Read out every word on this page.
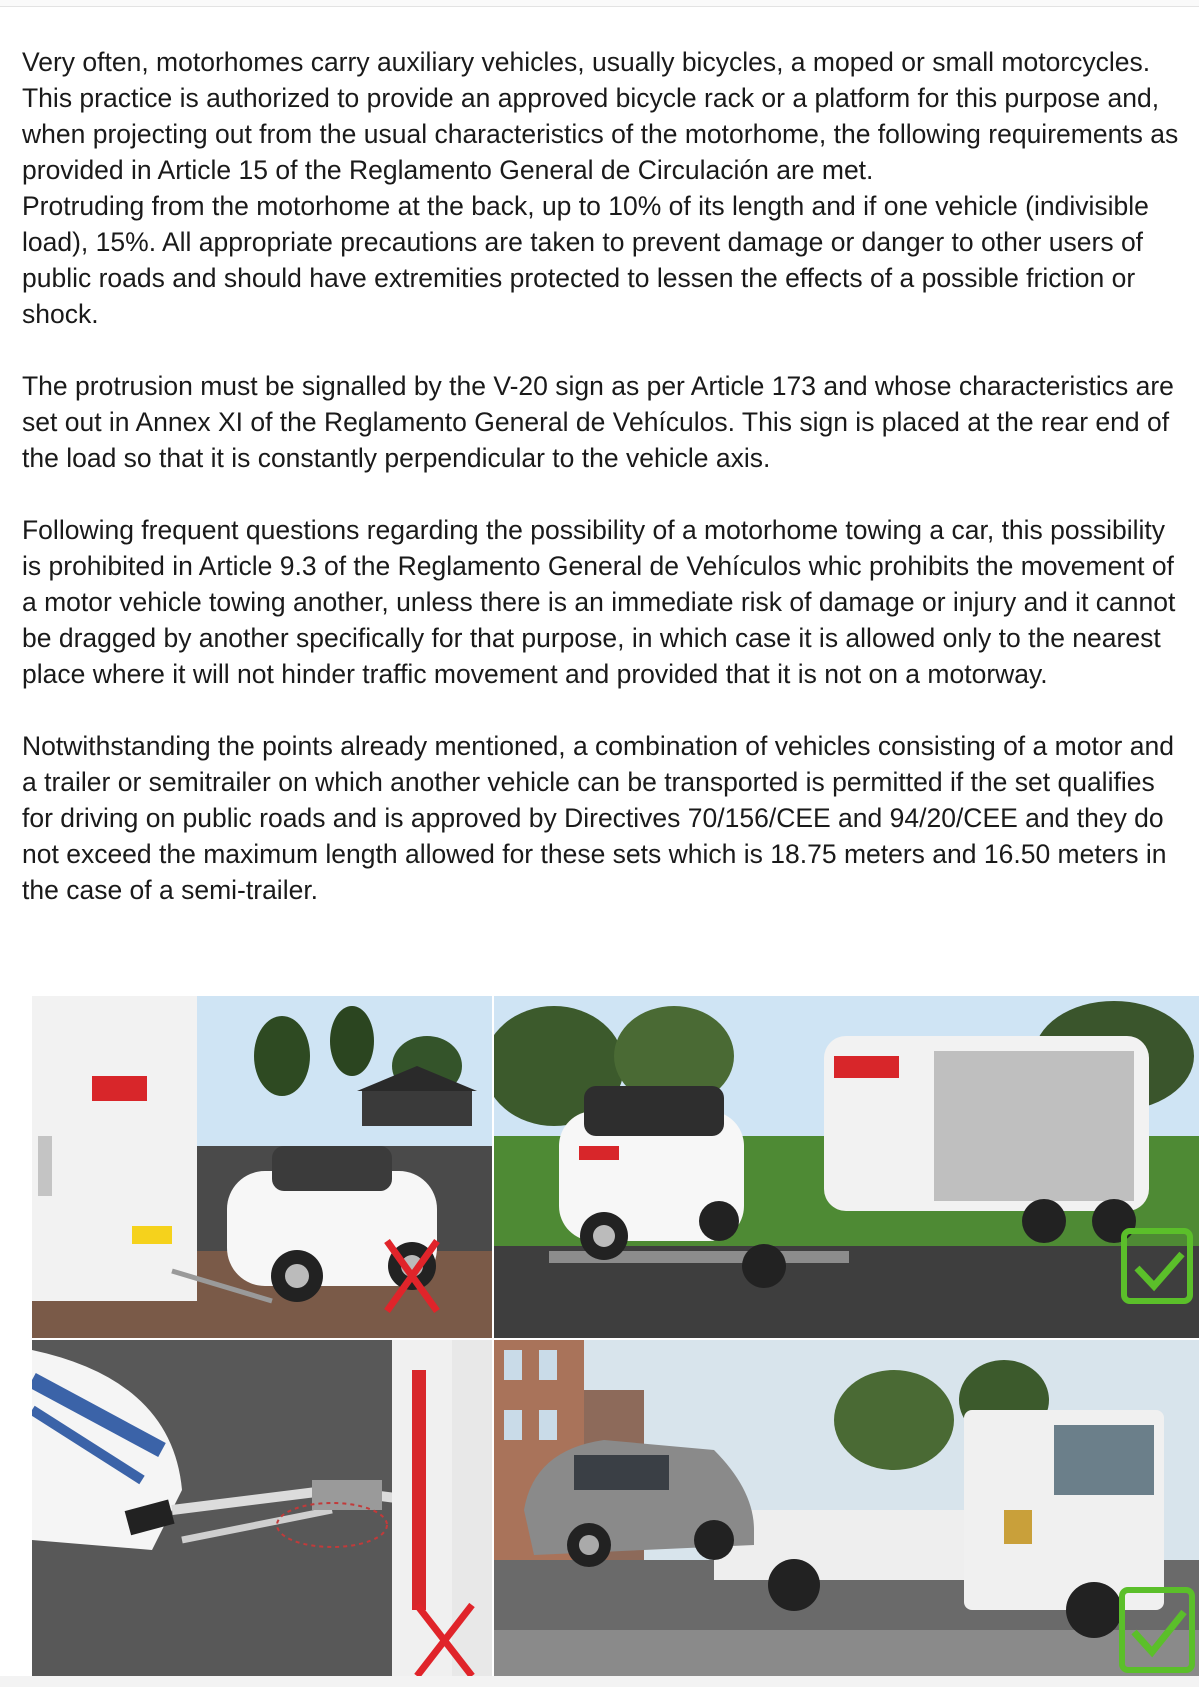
Very often, motorhomes carry auxiliary vehicles, usually bicycles, a moped or small motorcycles. This practice is authorized to provide an approved bicycle rack or a platform for this purpose and, when projecting out from the usual characteristics of the motorhome, the following requirements as provided in Article 15 of the Reglamento General de Circulación are met.

Protruding from the motorhome at the back, up to 10% of its length and if one vehicle (indivisible load), 15%. All appropriate precautions are taken to prevent damage or danger to other users of public roads and should have extremities protected to lessen the effects of a possible friction or shock.

The protrusion must be signalled by the V-20 sign as per Article 173 and whose characteristics are set out in Annex XI of the Reglamento General de Vehículos. This sign is placed at the rear end of the load so that it is constantly perpendicular to the vehicle axis.

Following frequent questions regarding the possibility of a motorhome towing a car, this possibility is prohibited in Article 9.3 of the Reglamento General de Vehículos whic prohibits the movement of a motor vehicle towing another, unless there is an immediate risk of damage or injury and it cannot be dragged by another specifically for that purpose, in which case it is allowed only to the nearest place where it will not hinder traffic movement and provided that it is not on a motorway.

Notwithstanding the points already mentioned, a combination of vehicles consisting of a motor and a trailer or semitrailer on which another vehicle can be transported is permitted if the set qualifies for driving on public roads and is approved by Directives 70/156/CEE and 94/20/CEE and they do not exceed the maximum length allowed for these sets which is 18.75 meters and 16.50 meters in the case of a semi-trailer.
